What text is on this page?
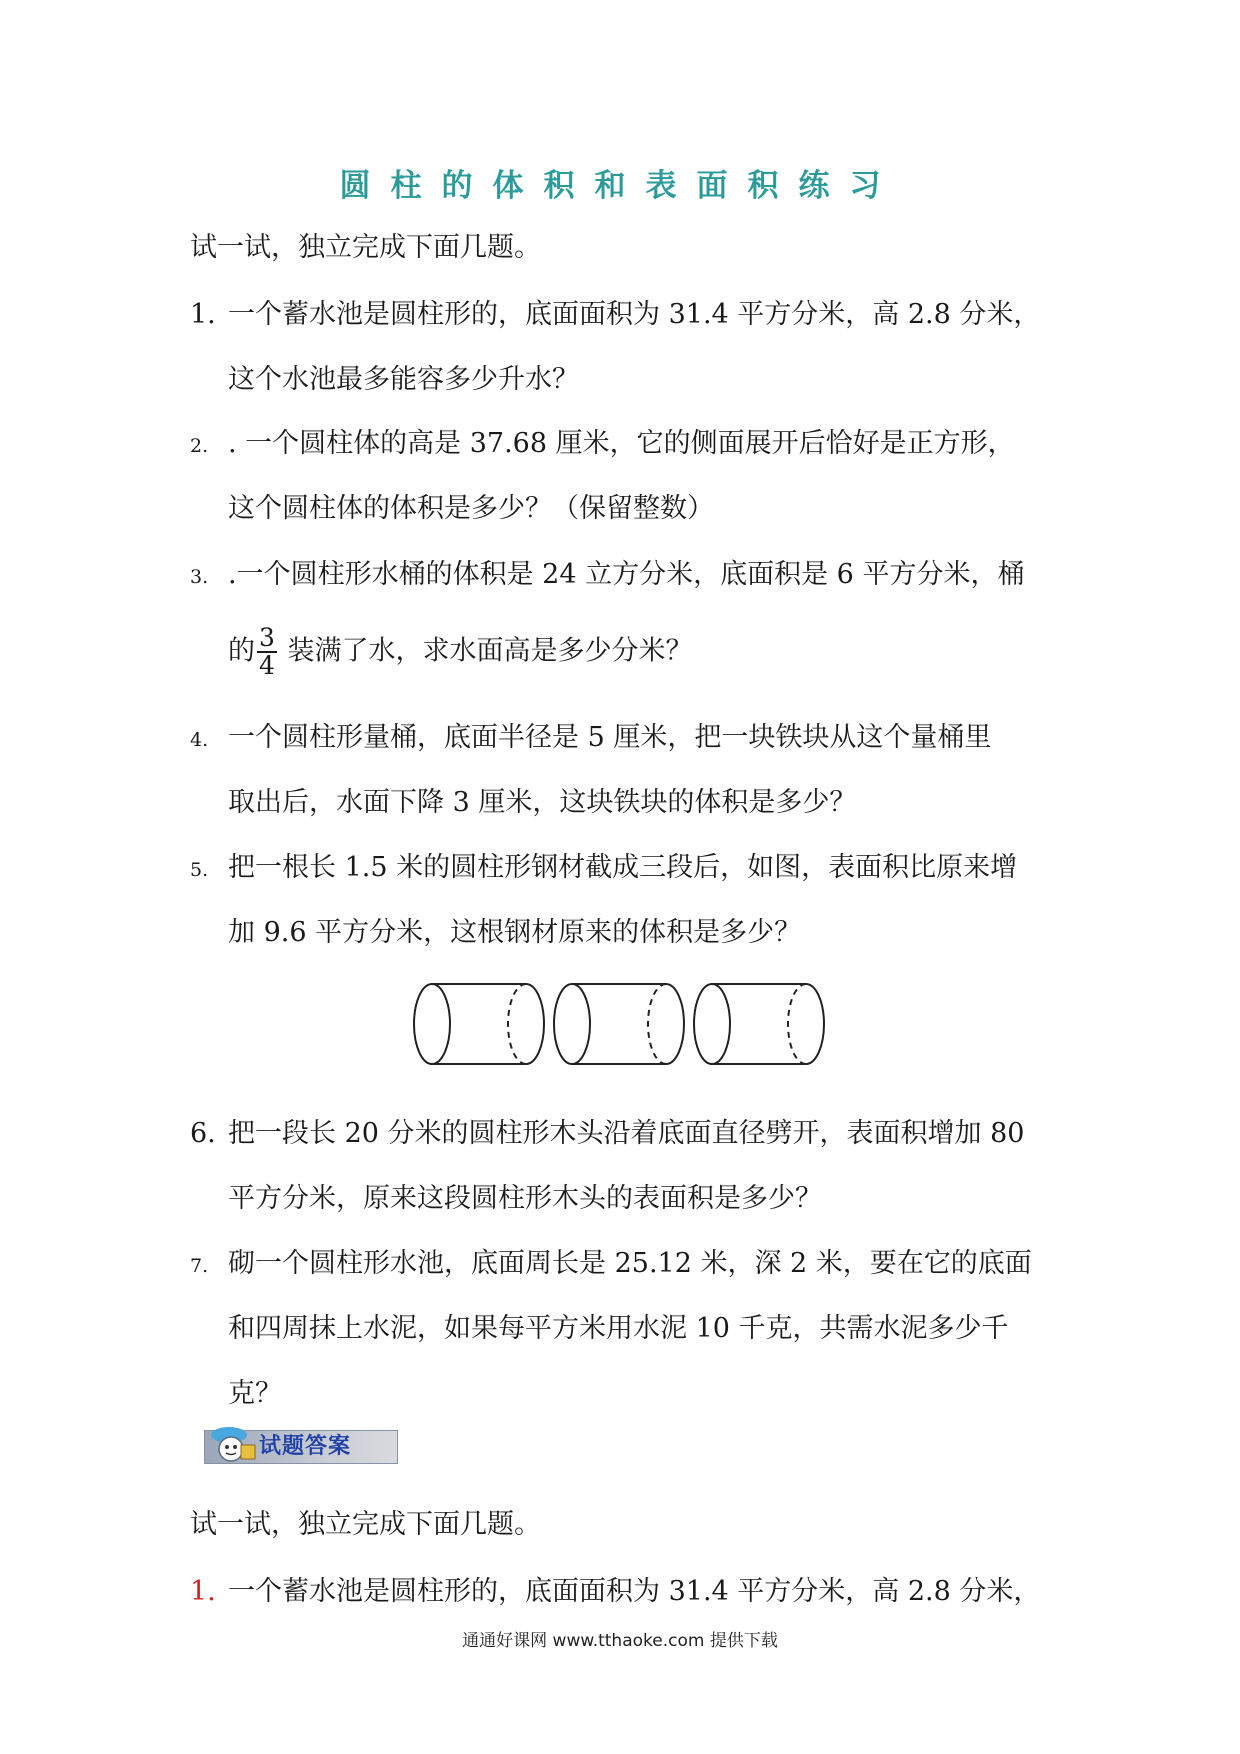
圆柱的体积和表面积练习
试一试，独立完成下面几题。
1. 一个蓄水池是圆柱形的，底面面积为 31.4 平方分米，高 2.8 分米，
这个水池最多能容多少升水？
2. . 一个圆柱体的高是 37.68 厘米，它的侧面展开后恰好是正方形，
这个圆柱体的体积是多少？（保留整数）
3. .一个圆柱形水桶的体积是 24 立方分米，底面积是 6 平方分米，桶
的 $\frac{3}{4}$ 装满了水，求水面高是多少分米？
4. 一个圆柱形量桶，底面半径是 5 厘米，把一块铁块从这个量桶里
取出后，水面下降 3 厘米，这块铁块的体积是多少？
5. 把一根长 1.5 米的圆柱形钢材截成三段后，如图，表面积比原来增
加 9.6 平方分米，这根钢材原来的体积是多少？
6. 把一段长 20 分米的圆柱形木头沿着底面直径劈开，表面积增加 80
平方分米，原来这段圆柱形木头的表面积是多少？
7. 砌一个圆柱形水池，底面周长是 25.12 米，深 2 米，要在它的底面
和四周抹上水泥，如果每平方米用水泥 10 千克，共需水泥多少千
克？
试题答案
试一试，独立完成下面几题。
1. 一个蓄水池是圆柱形的，底面面积为 31.4 平方分米，高 2.8 分米，
通通好课网 www.tthaoke.com 提供下载
